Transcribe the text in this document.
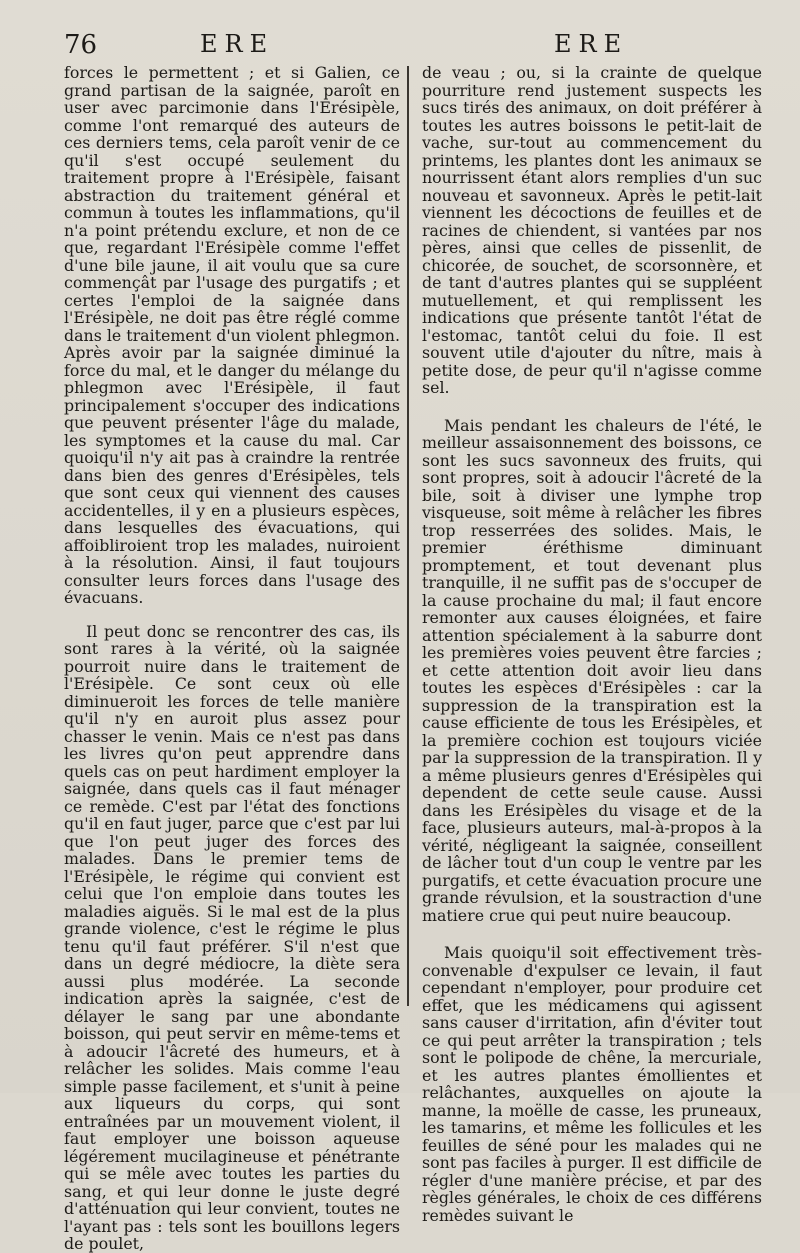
76	ERE	ERE

forces le permettent ; et si Galien, ce grand partisan de la saignée, paroît en user avec parcimonie dans l'Erésipèle, comme l'ont remarqué des auteurs de ces derniers tems, cela paroît venir de ce qu'il s'est occupé seulement du traitement propre à l'Erésipèle, faisant abstraction du traitement général et commun à toutes les inflammations, qu'il n'a point prétendu exclure, et non de ce que, regardant l'Erésipèle comme l'effet d'une bile jaune, il ait voulu que sa cure commençât par l'usage des purgatifs ; et certes l'emploi de la saignée dans l'Erésipèle, ne doit pas être réglé comme dans le traitement d'un violent phlegmon. Après avoir par la saignée diminué la force du mal, et le danger du mélange du phlegmon avec l'Erésipèle, il faut principalement s'occuper des indications que peuvent présenter l'âge du malade, les symptomes et la cause du mal. Car quoiqu'il n'y ait pas à craindre la rentrée dans bien des genres d'Erésipèles, tels que sont ceux qui viennent des causes accidentelles, il y en a plusieurs espèces, dans lesquelles des évacuations, qui affoibliroient trop les malades, nuiroient à la résolution. Ainsi, il faut toujours consulter leurs forces dans l'usage des évacuans.

Il peut donc se rencontrer des cas, ils sont rares à la vérité, où la saignée pourroit nuire dans le traitement de l'Erésipèle. Ce sont ceux où elle diminueroit les forces de telle manière qu'il n'y en auroit plus assez pour chasser le venin. Mais ce n'est pas dans les livres qu'on peut apprendre dans quels cas on peut hardiment employer la saignée, dans quels cas il faut ménager ce remède. C'est par l'état des fonctions qu'il en faut juger, parce que c'est par lui que l'on peut juger des forces des malades. Dans le premier tems de l'Erésipèle, le régime qui convient est celui que l'on emploie dans toutes les maladies aiguës. Si le mal est de la plus grande violence, c'est le régime le plus tenu qu'il faut préférer. S'il n'est que dans un degré médiocre, la diète sera aussi plus modérée. La seconde indication après la saignée, c'est de délayer le sang par une abondante boisson, qui peut servir en même-tems et à adoucir l'âcreté des humeurs, et à relâcher les solides. Mais comme l'eau simple passe facilement, et s'unit à peine aux liqueurs du corps, qui sont entraînées par un mouvement violent, il faut employer une boisson aqueuse légérement mucilagineuse et pénétrante qui se mêle avec toutes les parties du sang, et qui leur donne le juste degré d'atténuation qui leur convient, toutes ne l'ayant pas : tels sont les bouillons legers de poulet,

de veau ; ou, si la crainte de quelque pourriture rend justement suspects les sucs tirés des animaux, on doit préférer à toutes les autres boissons le petit-lait de vache, sur-tout au commencement du printems, les plantes dont les animaux se nourrissent étant alors remplies d'un suc nouveau et savonneux. Après le petit-lait viennent les décoctions de feuilles et de racines de chiendent, si vantées par nos pères, ainsi que celles de pissenlit, de chicorée, de souchet, de scorsonnère, et de tant d'autres plantes qui se suppléent mutuellement, et qui remplissent les indications que présente tantôt l'état de l'estomac, tantôt celui du foie. Il est souvent utile d'ajouter du nître, mais à petite dose, de peur qu'il n'agisse comme sel.

Mais pendant les chaleurs de l'été, le meilleur assaisonnement des boissons, ce sont les sucs savonneux des fruits, qui sont propres, soit à adoucir l'âcreté de la bile, soit à diviser une lymphe trop visqueuse, soit même à relâcher les fibres trop resserrées des solides. Mais, le premier éréthisme diminuant promptement, et tout devenant plus tranquille, il ne suffit pas de s'occuper de la cause prochaine du mal; il faut encore remonter aux causes éloignées, et faire attention spécialement à la saburre dont les premières voies peuvent être farcies ; et cette attention doit avoir lieu dans toutes les espèces d'Erésipèles : car la suppression de la transpiration est la cause efficiente de tous les Erésipèles, et la première cochion est toujours viciée par la suppression de la transpiration. Il y a même plusieurs genres d'Erésipèles qui dependent de cette seule cause. Aussi dans les Erésipèles du visage et de la face, plusieurs auteurs, mal-à-propos à la vérité, négligeant la saignée, conseillent de lâcher tout d'un coup le ventre par les purgatifs, et cette évacuation procure une grande révulsion, et la soustraction d'une matiere crue qui peut nuire beaucoup.

Mais quoiqu'il soit effectivement très-convenable d'expulser ce levain, il faut cependant n'employer, pour produire cet effet, que les médicamens qui agissent sans causer d'irritation, afin d'éviter tout ce qui peut arrêter la transpiration ; tels sont le polipode de chêne, la mercuriale, et les autres plantes émollientes et relâchantes, auxquelles on ajoute la manne, la moëlle de casse, les pruneaux, les tamarins, et même les follicules et les feuilles de séné pour les malades qui ne sont pas faciles à purger. Il est difficile de régler d'une manière précise, et par des règles générales, le choix de ces différens remèdes suivant le
